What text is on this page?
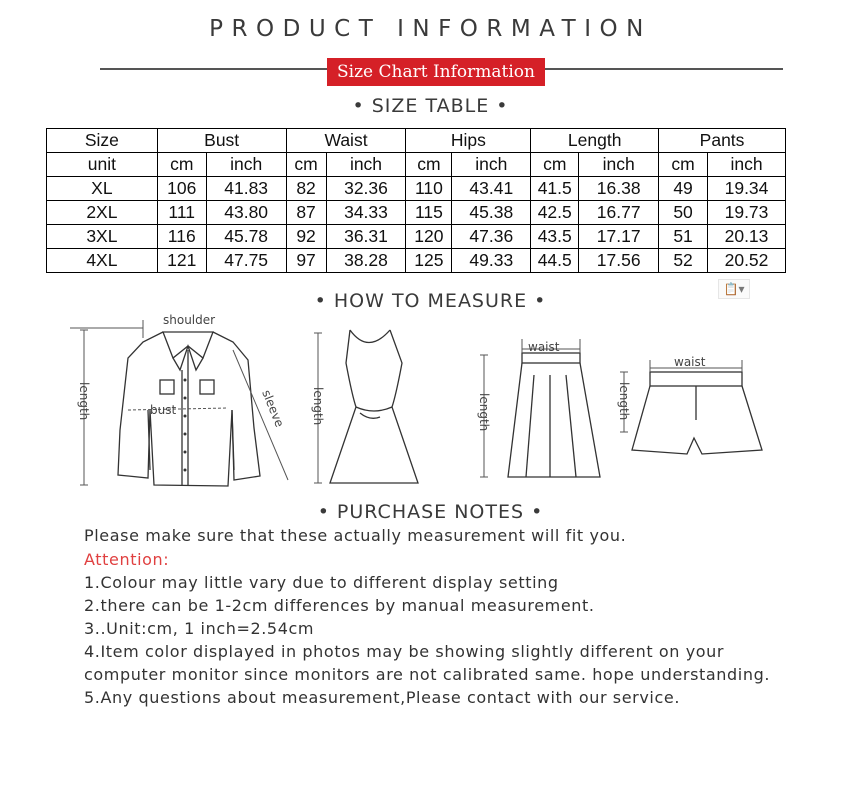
PRODUCT INFORMATION
Size Chart Information
• SIZE TABLE •
Size	Bust		Waist		Hips		Length		Pants	
unit	cm	inch	cm	inch	cm	inch	cm	inch	cm	inch
XL	106	41.83	82	32.36	110	43.41	41.5	16.38	49	19.34
2XL	111	43.80	87	34.33	115	45.38	42.5	16.77	50	19.73
3XL	116	45.78	92	36.31	120	47.36	43.5	17.17	51	20.13
4XL	121	47.75	97	38.28	125	49.33	44.5	17.56	52	20.52
📋▾
• HOW TO MEASURE •
shoulder
bust
length	sleeve length
waist
length
waist
length
• PURCHASE NOTES •
Please make sure that these actually measurement will fit you.
Attention:
1.Colour may little vary due to different display setting
2.there can be 1-2cm differences by manual measurement.
3..Unit:cm, 1 inch=2.54cm
4.Item color displayed in photos may be showing slightly different on your
computer monitor since monitors are not calibrated same. hope understanding.
5.Any questions about measurement,Please contact with our service.
